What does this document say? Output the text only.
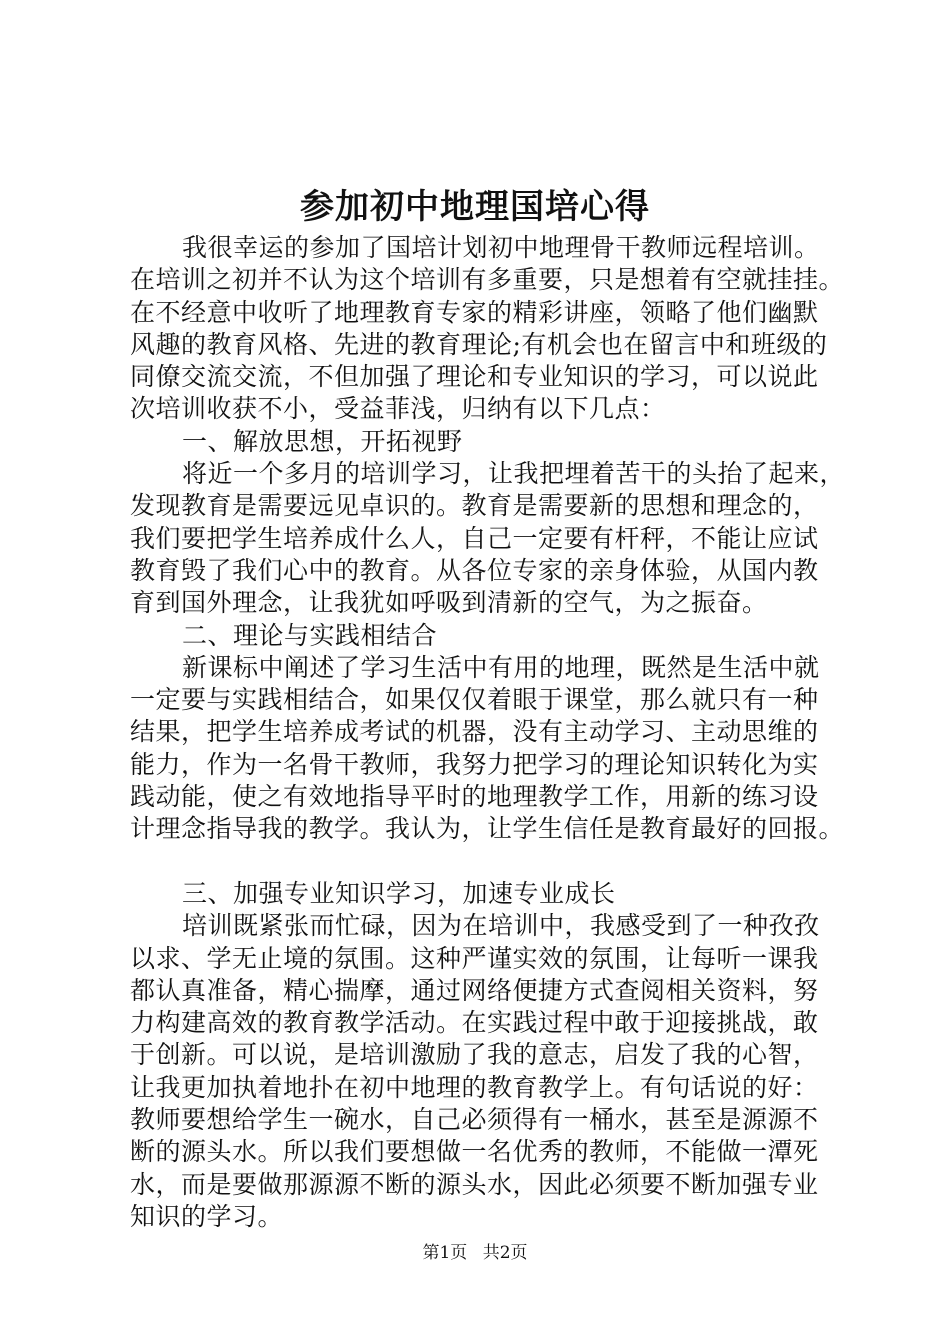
参加初中地理国培心得
我很幸运的参加了国培计划初中地理骨干教师远程培训。
在培训之初并不认为这个培训有多重要，只是想着有空就挂挂。
在不经意中收听了地理教育专家的精彩讲座，领略了他们幽默
风趣的教育风格、先进的教育理论;有机会也在留言中和班级的
同僚交流交流，不但加强了理论和专业知识的学习，可以说此
次培训收获不小，受益菲浅，归纳有以下几点：
一、解放思想，开拓视野
将近一个多月的培训学习，让我把埋着苦干的头抬了起来，
发现教育是需要远见卓识的。教育是需要新的思想和理念的，
我们要把学生培养成什么人，自己一定要有杆秤，不能让应试
教育毁了我们心中的教育。从各位专家的亲身体验，从国内教
育到国外理念，让我犹如呼吸到清新的空气，为之振奋。
二、理论与实践相结合
新课标中阐述了学习生活中有用的地理，既然是生活中就
一定要与实践相结合，如果仅仅着眼于课堂，那么就只有一种
结果，把学生培养成考试的机器，没有主动学习、主动思维的
能力，作为一名骨干教师，我努力把学习的理论知识转化为实
践动能，使之有效地指导平时的地理教学工作，用新的练习设
计理念指导我的教学。我认为，让学生信任是教育最好的回报。
三、加强专业知识学习，加速专业成长
培训既紧张而忙碌，因为在培训中，我感受到了一种孜孜
以求、学无止境的氛围。这种严谨实效的氛围，让每听一课我
都认真准备，精心揣摩，通过网络便捷方式查阅相关资料，努
力构建高效的教育教学活动。在实践过程中敢于迎接挑战，敢
于创新。可以说，是培训激励了我的意志，启发了我的心智，
让我更加执着地扑在初中地理的教育教学上。有句话说的好：
教师要想给学生一碗水，自己必须得有一桶水，甚至是源源不
断的源头水。所以我们要想做一名优秀的教师，不能做一潭死
水，而是要做那源源不断的源头水，因此必须要不断加强专业
知识的学习。
第1页 共2页
